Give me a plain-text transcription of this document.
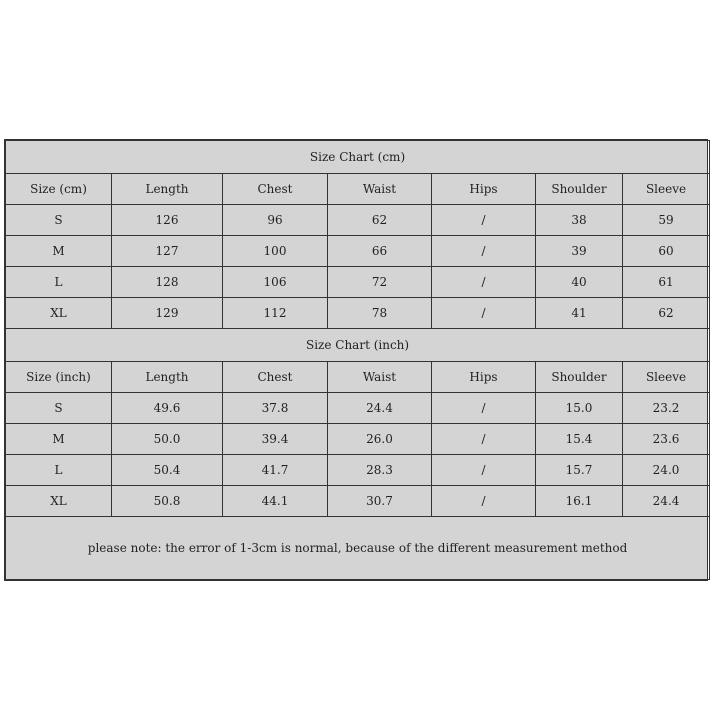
Size Chart (cm)						
Size (cm)	Length	Chest	Waist	Hips	Shoulder	Sleeve
S	126	96	62	/	38	59
M	127	100	66	/	39	60
L	128	106	72	/	40	61
XL	129	112	78	/	41	62
Size Chart (inch)						
Size (inch)	Length	Chest	Waist	Hips	Shoulder	Sleeve
S	49.6	37.8	24.4	/	15.0	23.2
M	50.0	39.4	26.0	/	15.4	23.6
L	50.4	41.7	28.3	/	15.7	24.0
XL	50.8	44.1	30.7	/	16.1	24.4
please note: the error of 1-3cm is normal, because of the different measurement method						
